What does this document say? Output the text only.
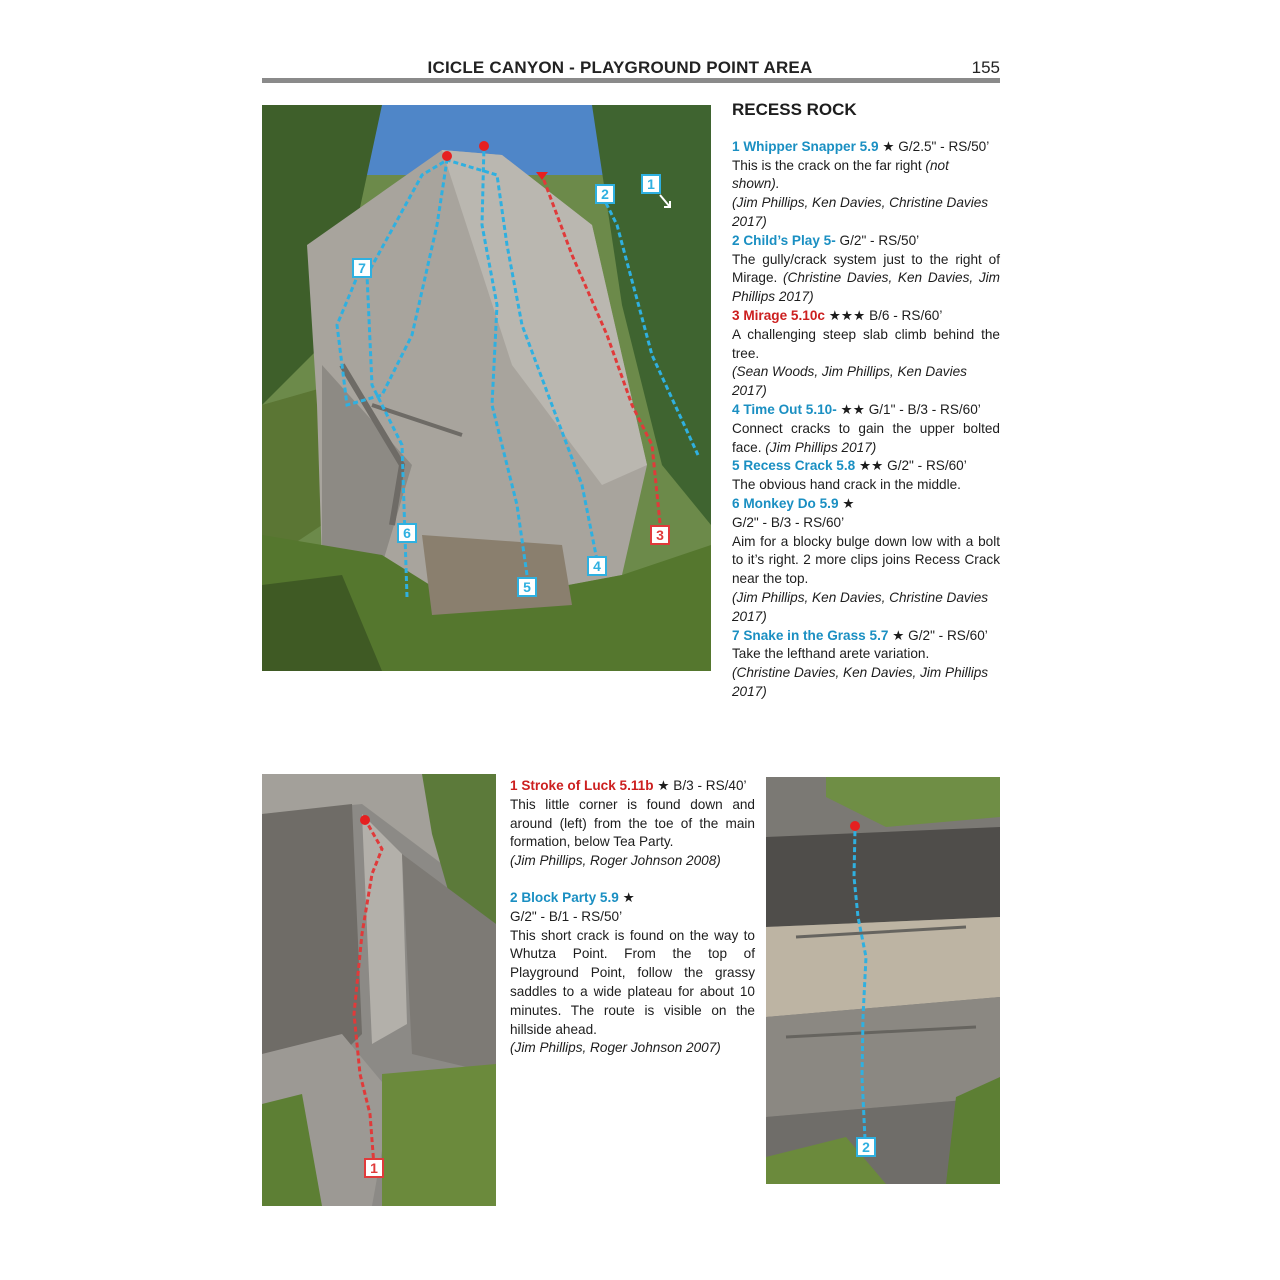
ICICLE CANYON - PLAYGROUND POINT AREA	155
1
2
3
4
5
6
7
RECESS ROCK

1 Whipper Snapper 5.9 ★ G/2.5" - RS/50’

This is the crack on the far right (not shown).

(Jim Phillips, Ken Davies, Christine Davies 2017)

2 Child’s Play 5- G/2" - RS/50’

The gully/crack system just to the right of Mirage. (Christine Davies, Ken Davies, Jim Phillips 2017)

3 Mirage 5.10c ★★★ B/6 - RS/60’

A challenging steep slab climb behind the tree.

(Sean Woods, Jim Phillips, Ken Davies 2017)

4 Time Out 5.10- ★★ G/1" - B/3 - RS/60’

Connect cracks to gain the upper bolted face. (Jim Phillips 2017)

5 Recess Crack 5.8 ★★ G/2" - RS/60’

The obvious hand crack in the middle.

6 Monkey Do 5.9 ★

G/2" - B/3 - RS/60’

Aim for a blocky bulge down low with a bolt to it’s right. 2 more clips joins Recess Crack near the top.

(Jim Phillips, Ken Davies, Christine Davies 2017)

7 Snake in the Grass 5.7 ★ G/2" - RS/60’

Take the lefthand arete variation.

(Christine Davies, Ken Davies, Jim Phillips 2017)

1

1 Stroke of Luck 5.11b ★ B/3 - RS/40’

This little corner is found down and around (left) from the toe of the main formation, below Tea Party.

(Jim Phillips, Roger Johnson 2008)

2 Block Party 5.9 ★

G/2" - B/1 - RS/50’

This short crack is found on the way to Whutza Point. From the top of Playground Point, follow the grassy saddles to a wide plateau for about 10 minutes. The route is visible on the hillside ahead.

(Jim Phillips, Roger Johnson 2007)

2
